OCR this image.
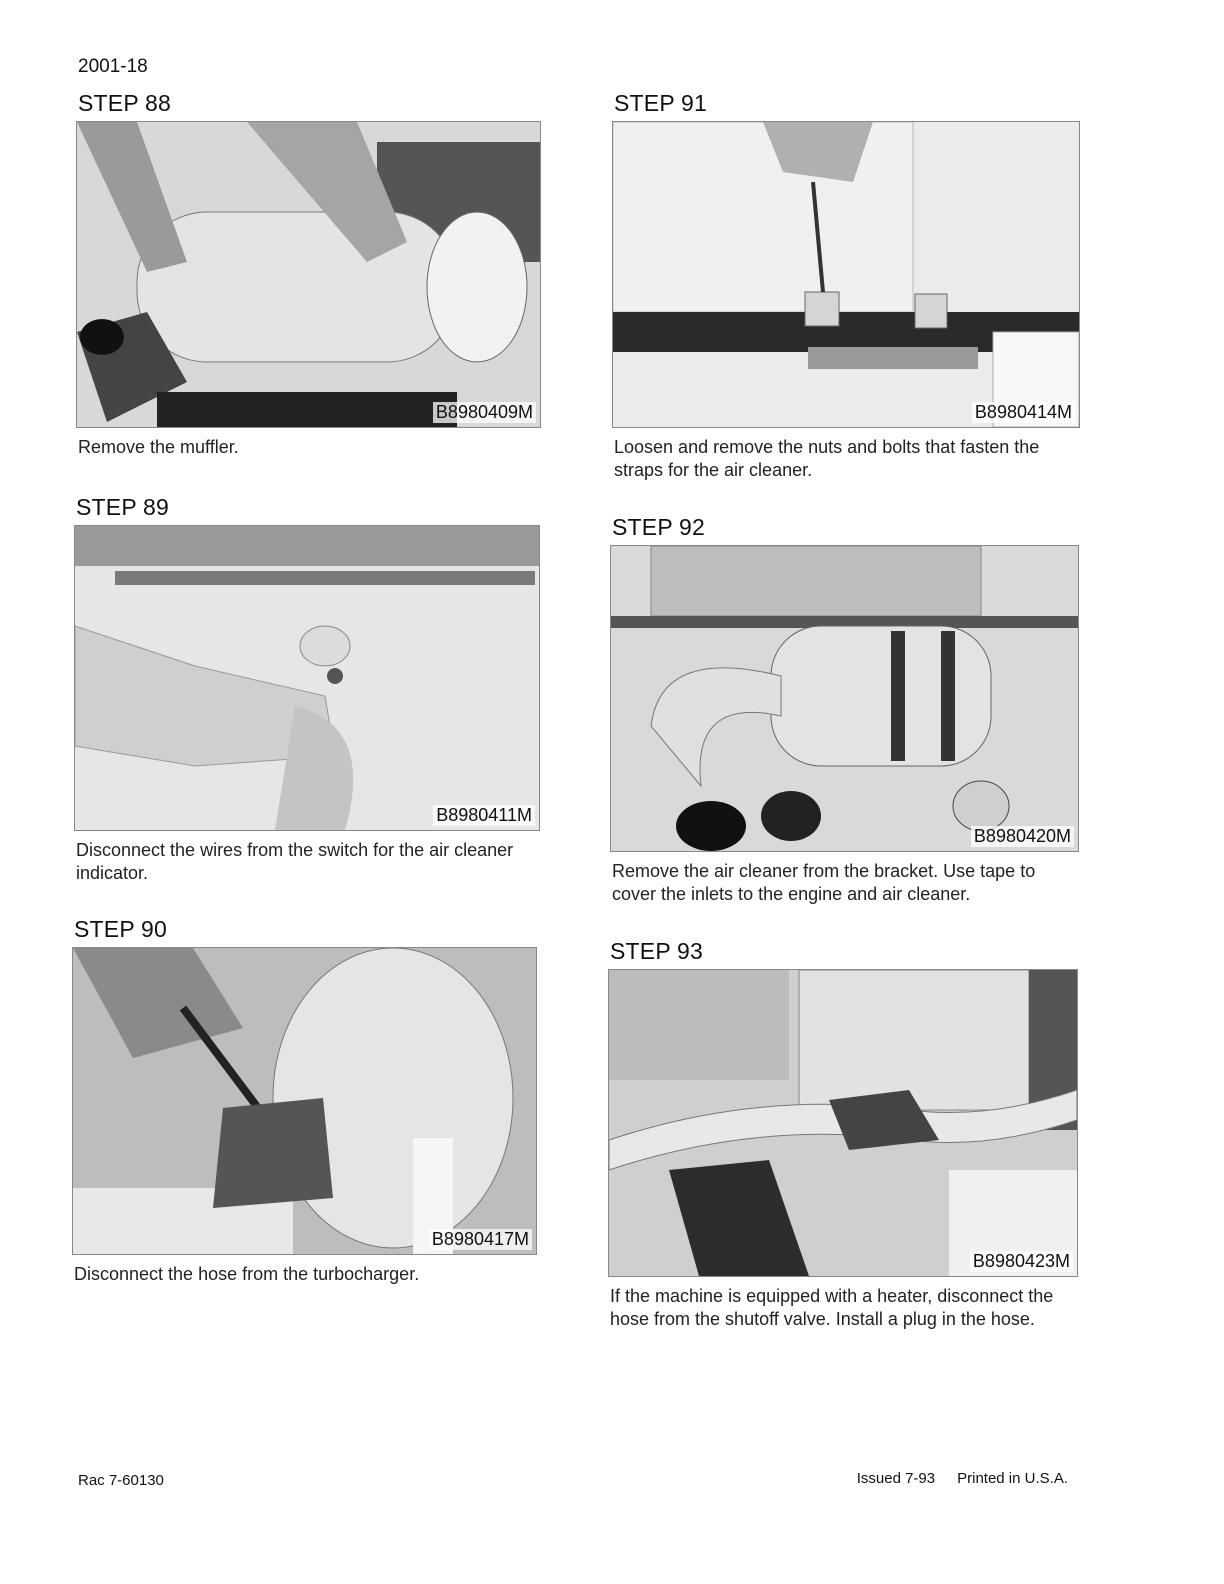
2001-18
STEP 88
B8980409M
Remove the muffler.
STEP 89
B8980411M
Disconnect the wires from the switch for the air cleaner indicator.
STEP 90
B8980417M
Disconnect the hose from the turbocharger.
STEP 91
B8980414M
Loosen and remove the nuts and bolts that fasten the straps for the air cleaner.
STEP 92
B8980420M
Remove the air cleaner from the bracket. Use tape to cover the inlets to the engine and air cleaner.
STEP 93
B8980423M
If the machine is equipped with a heater, disconnect the hose from the shutoff valve. Install a plug in the hose.
Rac 7-60130	Issued 7-93 Printed in U.S.A.
